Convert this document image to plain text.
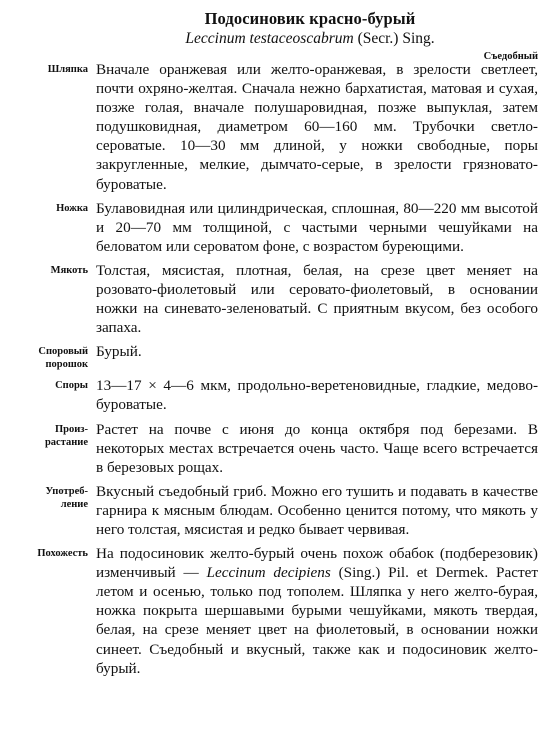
Подосиновик красно-бурый
Leccinum testaceoscabrum (Secr.) Sing.
Съедобный
Шляпка Вначале оранжевая или желто-оранжевая, в зрелости светлеет, почти охряно-желтая. Сначала нежно бархатистая, матовая и сухая, позже голая, вначале полушаровидная, позже выпуклая, затем подушковидная, диаметром 60—160 мм. Трубочки светло-сероватые. 10—30 мм длиной, у ножки свободные, поры закругленные, мелкие, дымчато-серые, в зрелости грязновато-буроватые.
Ножка Булавовидная или цилиндрическая, сплошная, 80—220 мм высотой и 20—70 мм толщиной, с частыми черными чешуйками на беловатом или сероватом фоне, с возрастом буреющими.
Мякоть Толстая, мясистая, плотная, белая, на срезе цвет меняет на розовато-фиолетовый или серовато-фиолетовый, в основании ножки на синевато-зеленоватый. С приятным вкусом, без особого запаха.
Споровый
порошок
Бурый.
Споры 13—17 × 4—6 мкм, продольно-веретеновидные, гладкие, медово-буроватые.
Произ-
растание
Растет на почве с июня до конца октября под березами. В некоторых местах встречается очень часто. Чаще всего встречается в березовых рощах.
Употреб-
ление
Вкусный съедобный гриб. Можно его тушить и подавать в качестве гарнира к мясным блюдам. Особенно ценится потому, что мякоть у него толстая, мясистая и редко бывает червивая.
Похожесть На подосиновик желто-бурый очень похож обабок (подберезовик) изменчивый — Leccinum decipiens (Sing.) Pil. et Dermek. Растет летом и осенью, только под тополем. Шляпка у него желто-бурая, ножка покрыта шершавыми бурыми чешуйками, мякоть твердая, белая, на срезе меняет цвет на фиолетовый, в основании ножки синеет. Съедобный и вкусный, также как и подосиновик желто-бурый.
